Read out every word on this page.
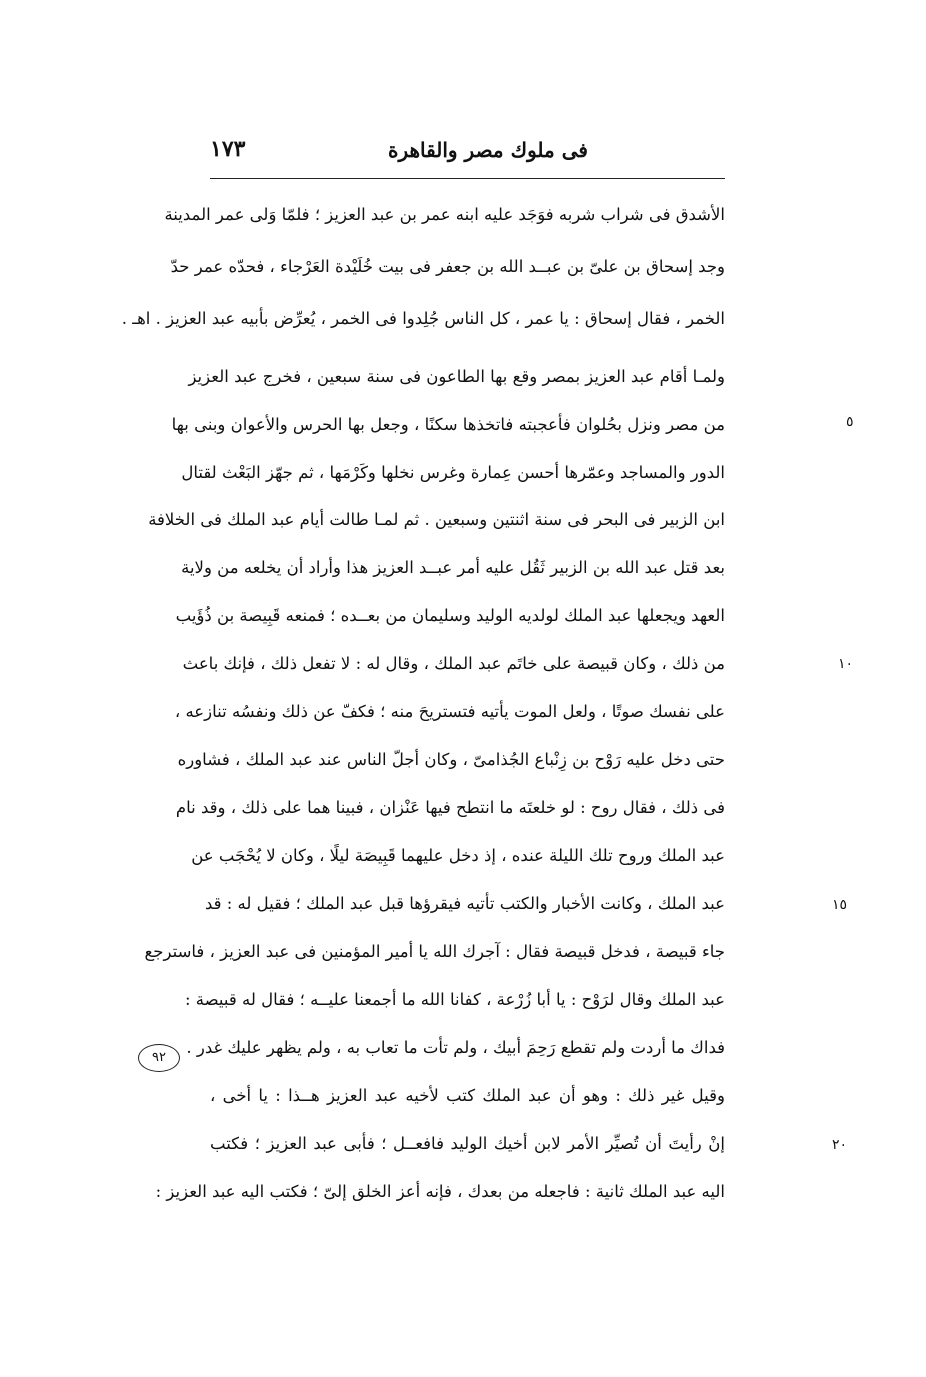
فى ملوك مصر والقاهرة
١٧٣
الأشدق فى شراب شربه فوَجَد عليه ابنه عمر بن عبد العزيز ؛ فلمّا وَلى عمر المدينة
وجد إسحاق بن علىّ بن عبــد الله بن جعفر فى بيت خُلَيْدة العَرْجاء ، فحدّه عمر حدّ
الخمر ، فقال إسحاق : يا عمر ، كل الناس جُلِدوا فى الخمر ، يُعرِّض بأبيه عبد العزيز . اهـ .
ولمـا أقام عبد العزيز بمصر وقع بها الطاعون فى سنة سبعين ، فخرج عبد العزيز
من مصر ونزل بحُلوان فأعجبته فاتخذها سكنًا ، وجعل بها الحرس والأعوان وبنى بها
الدور والمساجد وعمّرها أحسن عِمارة وغرس نخلها وكَرْمَها ، ثم جهّز البَعْث لقتال
ابن الزبير فى البحر فى سنة اثنتين وسبعين . ثم لمـا طالت أيام عبد الملك فى الخلافة
بعد قتل عبد الله بن الزبير ثَقُل عليه أمر عبــد العزيز هذا وأراد أن يخلعه من ولاية
العهد ويجعلها عبد الملك لولديه الوليد وسليمان من بعــده ؛ فمنعه قَبِيصة بن ذُؤَيب
من ذلك ، وكان قبيصة على خاتَم عبد الملك ، وقال له : لا تفعل ذلك ، فإنك باعث
على نفسك صوتًا ، ولعل الموت يأتيه فتستريحَ منه ؛ فكفّ عن ذلك ونفسُه تنازعه ،
حتى دخل عليه رَوْح بن زِنْباع الجُذامىّ ، وكان أجلّ الناس عند عبد الملك ، فشاوره
فى ذلك ، فقال روح : لو خلعتَه ما انتطح فيها عَنْزان ، فبينا هما على ذلك ، وقد نام
عبد الملك وروح تلك الليلة عنده ، إذ دخل عليهما قَبِيصَة ليلًا ، وكان لا يُحْجَب عن
عبد الملك ، وكانت الأخبار والكتب تأتيه فيقرؤها قبل عبد الملك ؛ فقيل له : قد
جاء قبيصة ، فدخل قبيصة فقال : آجرك الله يا أمير المؤمنين فى عبد العزيز ، فاسترجع
عبد الملك وقال لرَوْح : يا أبا زُرْعة ، كفانا الله ما أجمعنا عليــه ؛ فقال له قبيصة :
فداك ما أردت ولم تقطع رَحِمَ أبيك ، ولم تأت ما تعاب به ، ولم يظهر عليك غدر .
وقيل غير ذلك : وهو أن عبد الملك كتب لأخيه عبد العزيز هــذا : يا أخى ،
إنْ رأيتَ أن تُصيِّر الأمر لابن أخيك الوليد فافعــل ؛ فأبى عبد العزيز ؛ فكتب
اليه عبد الملك ثانية : فاجعله من بعدك ، فإنه أعز الخلق إلىّ ؛ فكتب اليه عبد العزيز :
٥
١٠
١٥
٢٠
٩٢
